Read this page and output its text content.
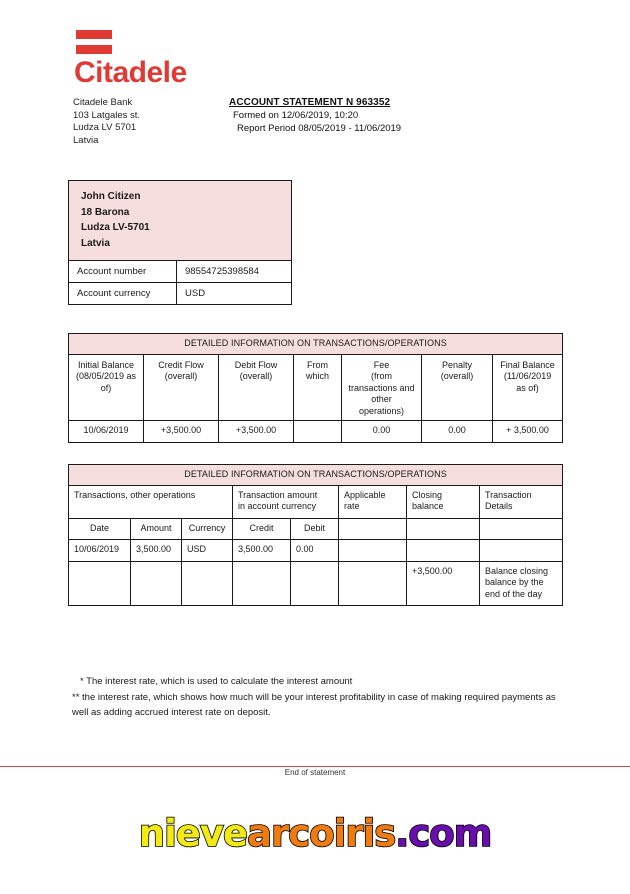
Citadele
Citadele Bank
103 Latgales st.
Ludza LV 5701
Latvia
ACCOUNT STATEMENT N 963352
Formed on 12/06/2019, 10:20
Report Period 08/05/2019 - 11/06/2019
John Citizen
18 Barona
Ludza LV-5701
Latvia
Account number	98554725398584
Account currency	USD
DETAILED INFORMATION ON TRANSACTIONS/OPERATIONS						

Initial Balance
(08/05/2019 as
of)

Credit Flow
(overall)

Debit Flow
(overall)

From
which

Fee
(from
transactions and
other
operations)

Penalty
(overall)

Final Balance
(11/06/2019
as of)

10/06/2019	+3,500.00	+3,500.00		0.00	0.00	+ 3,500.00
DETAILED INFORMATION ON TRANSACTIONS/OPERATIONS							
Transactions, other operations	Transaction amount
in account currency

Applicable
rate

Closing
balance

Transaction
Details

Date	Amount	Currency	Credit	Debit			
10/06/2019	3,500.00	USD	3,500.00	0.00			
						+3,500.00	Balance closing balance by the end of the day
* The interest rate, which is used to calculate the interest amount
** the interest rate, which shows how much will be your interest profitability in case of making required payments as
well as adding accrued interest rate on deposit.
End of statement
nievearcoiris.com
